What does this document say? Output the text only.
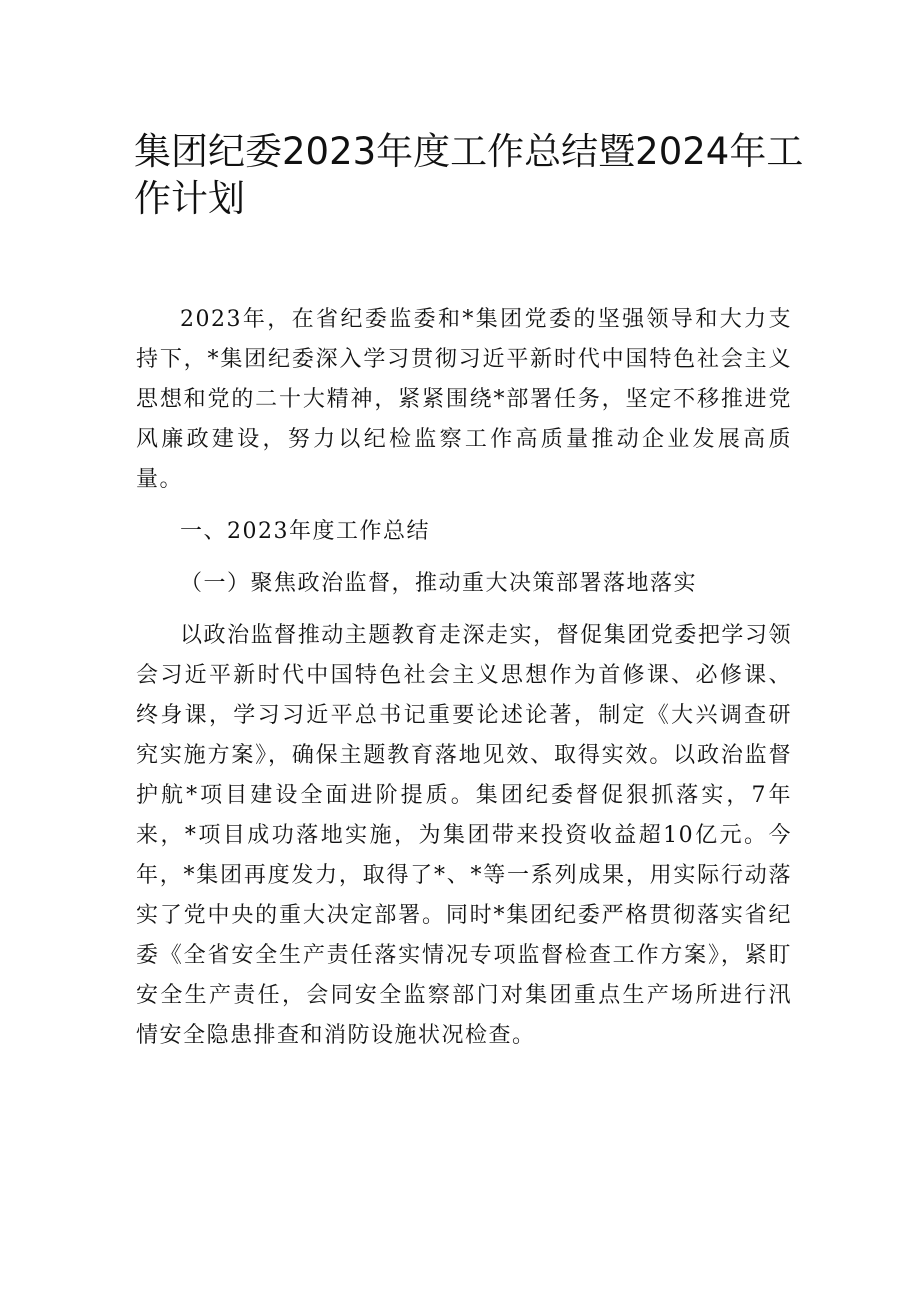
集团纪委2023年度工作总结暨2024年工作计划

2023年，在省纪委监委和*集团党委的坚强领导和大力支持下，*集团纪委深入学习贯彻习近平新时代中国特色社会主义思想和党的二十大精神，紧紧围绕*部署任务，坚定不移推进党风廉政建设，努力以纪检监察工作高质量推动企业发展高质量。

一、2023年度工作总结

（一）聚焦政治监督，推动重大决策部署落地落实

以政治监督推动主题教育走深走实，督促集团党委把学习领会习近平新时代中国特色社会主义思想作为首修课、必修课、终身课，学习习近平总书记重要论述论著，制定《大兴调查研究实施方案》，确保主题教育落地见效、取得实效。以政治监督护航*项目建设全面进阶提质。集团纪委督促狠抓落实，7年来，*项目成功落地实施，为集团带来投资收益超10亿元。今年，*集团再度发力，取得了*、*等一系列成果，用实际行动落实了党中央的重大决定部署。同时*集团纪委严格贯彻落实省纪委《全省安全生产责任落实情况专项监督检查工作方案》，紧盯安全生产责任，会同安全监察部门对集团重点生产场所进行汛情安全隐患排查和消防设施状况检查。
